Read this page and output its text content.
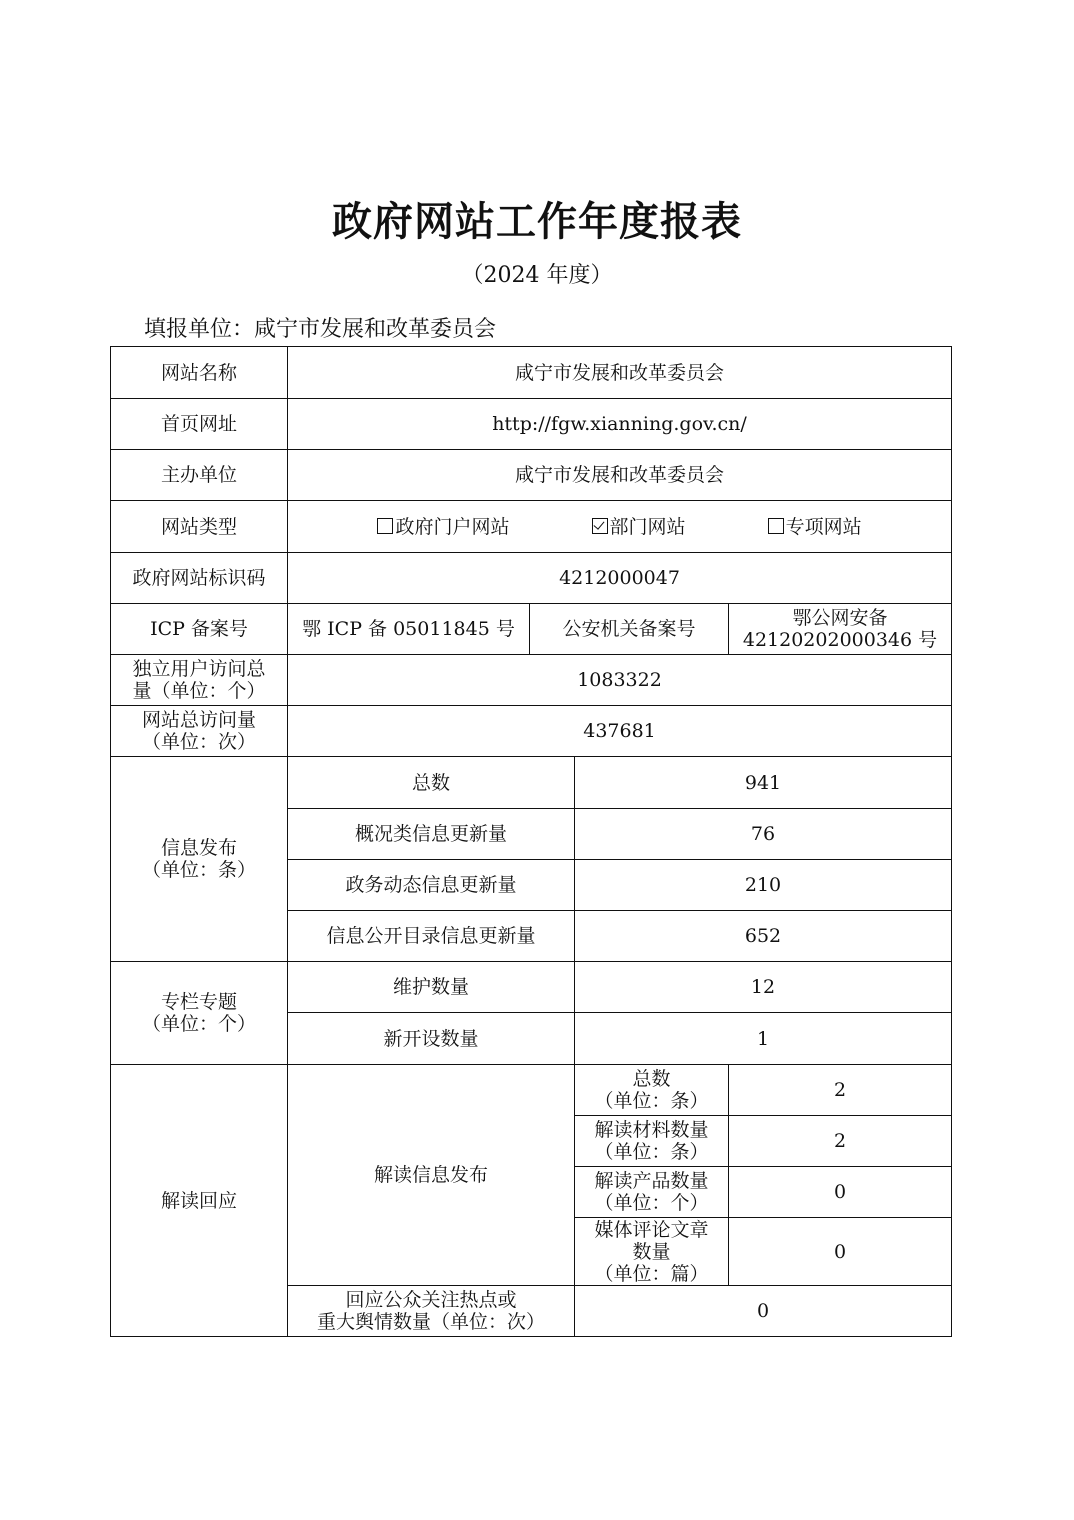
政府网站工作年度报表
（2024 年度）
填报单位：咸宁市发展和改革委员会
网站名称	咸宁市发展和改革委员会			
首页网址	http://fgw.xianning.gov.cn/			
主办单位	咸宁市发展和改革委员会			
网站类型	政府门户网站 部门网站 专项网站			
政府网站标识码	4212000047			
ICP 备案号	鄂 ICP 备 05011845 号	公安机关备案号		鄂公网安备
42120202000346 号
独立用户访问总
量（单位：个）	1083322			
网站总访问量
（单位：次）	437681			
信息发布
（单位：条）	总数		941	
	概况类信息更新量		76	
	政务动态信息更新量		210	
	信息公开目录信息更新量		652	
专栏专题
（单位：个）	维护数量		12	
	新开设数量		1	
解读回应	解读信息发布		总数
（单位：条）	2
			解读材料数量
（单位：条）	2
			解读产品数量
（单位：个）	0
			媒体评论文章
数量
（单位：篇）	0
	回应公众关注热点或
重大舆情数量（单位：次）		0	
